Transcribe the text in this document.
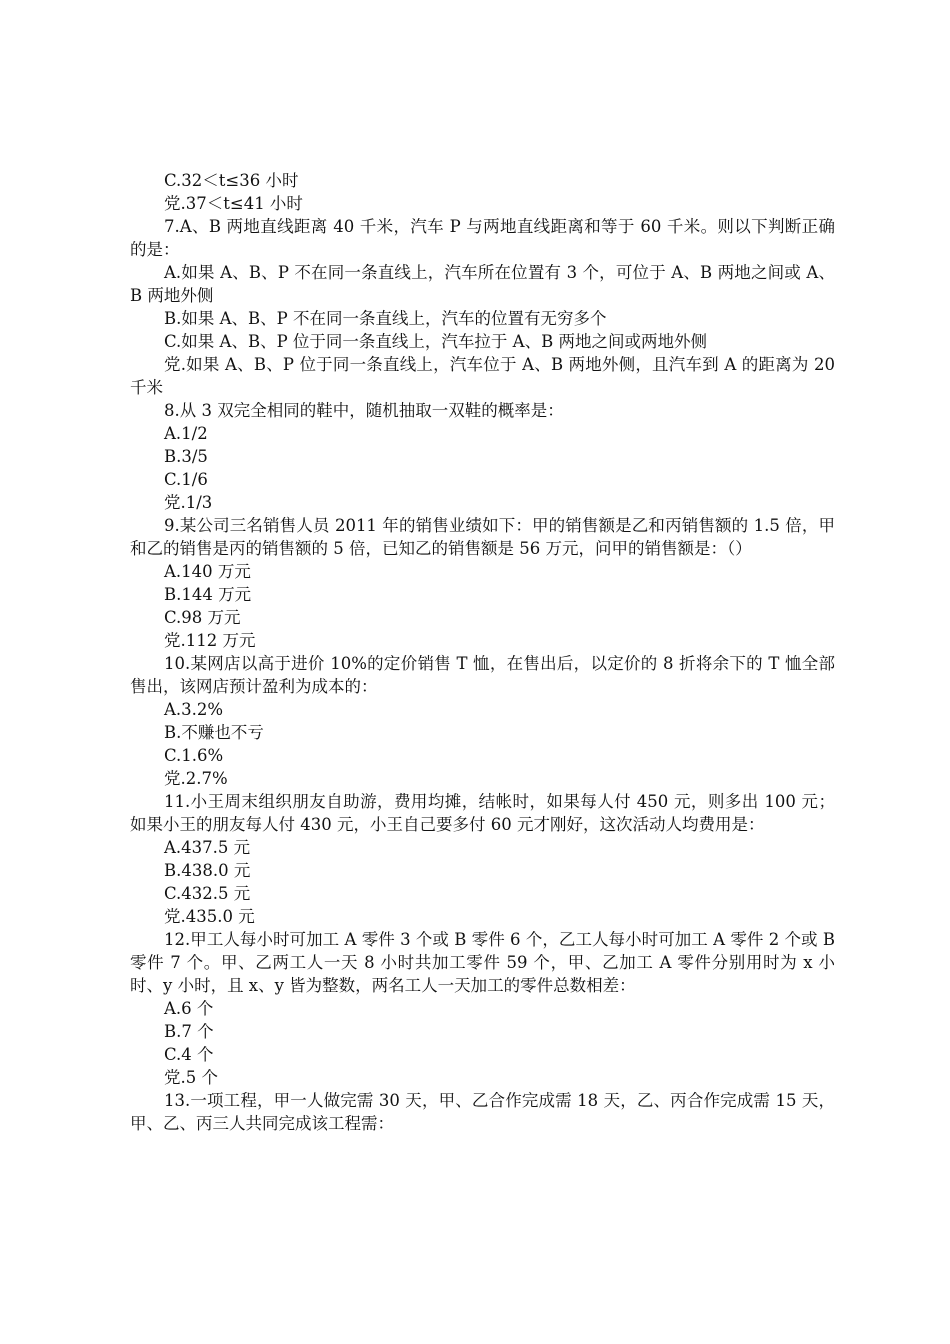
C.32＜t≤36 小时

党.37＜t≤41 小时

7.A、B 两地直线距离 40 千米，汽车 P 与两地直线距离和等于 60 千米。则以下判断正确的是：

A.如果 A、B、P 不在同一条直线上，汽车所在位置有 3 个，可位于 A、B 两地之间或 A、B 两地外侧

B.如果 A、B、P 不在同一条直线上，汽车的位置有无穷多个

C.如果 A、B、P 位于同一条直线上，汽车拉于 A、B 两地之间或两地外侧

党.如果 A、B、P 位于同一条直线上，汽车位于 A、B 两地外侧，且汽车到 A 的距离为 20 千米

8.从 3 双完全相同的鞋中，随机抽取一双鞋的概率是：

A.1/2

B.3/5

C.1/6

党.1/3

9.某公司三名销售人员 2011 年的销售业绩如下：甲的销售额是乙和丙销售额的 1.5 倍，甲和乙的销售是丙的销售额的 5 倍，已知乙的销售额是 56 万元，问甲的销售额是：（）

A.140 万元

B.144 万元

C.98 万元

党.112 万元

10.某网店以高于进价 10%的定价销售 T 恤，在售出后，以定价的 8 折将余下的 T 恤全部售出，该网店预计盈利为成本的：

A.3.2%

B.不赚也不亏

C.1.6%

党.2.7%

11.小王周末组织朋友自助游，费用均摊，结帐时，如果每人付 450 元，则多出 100 元；如果小王的朋友每人付 430 元，小王自己要多付 60 元才刚好，这次活动人均费用是：

A.437.5 元

B.438.0 元

C.432.5 元

党.435.0 元

12.甲工人每小时可加工 A 零件 3 个或 B 零件 6 个，乙工人每小时可加工 A 零件 2 个或 B 零件 7 个。甲、乙两工人一天 8 小时共加工零件 59 个，甲、乙加工 A 零件分别用时为 x 小时、y 小时，且 x、y 皆为整数，两名工人一天加工的零件总数相差：

A.6 个

B.7 个

C.4 个

党.5 个

13.一项工程，甲一人做完需 30 天，甲、乙合作完成需 18 天，乙、丙合作完成需 15 天，甲、乙、丙三人共同完成该工程需：
